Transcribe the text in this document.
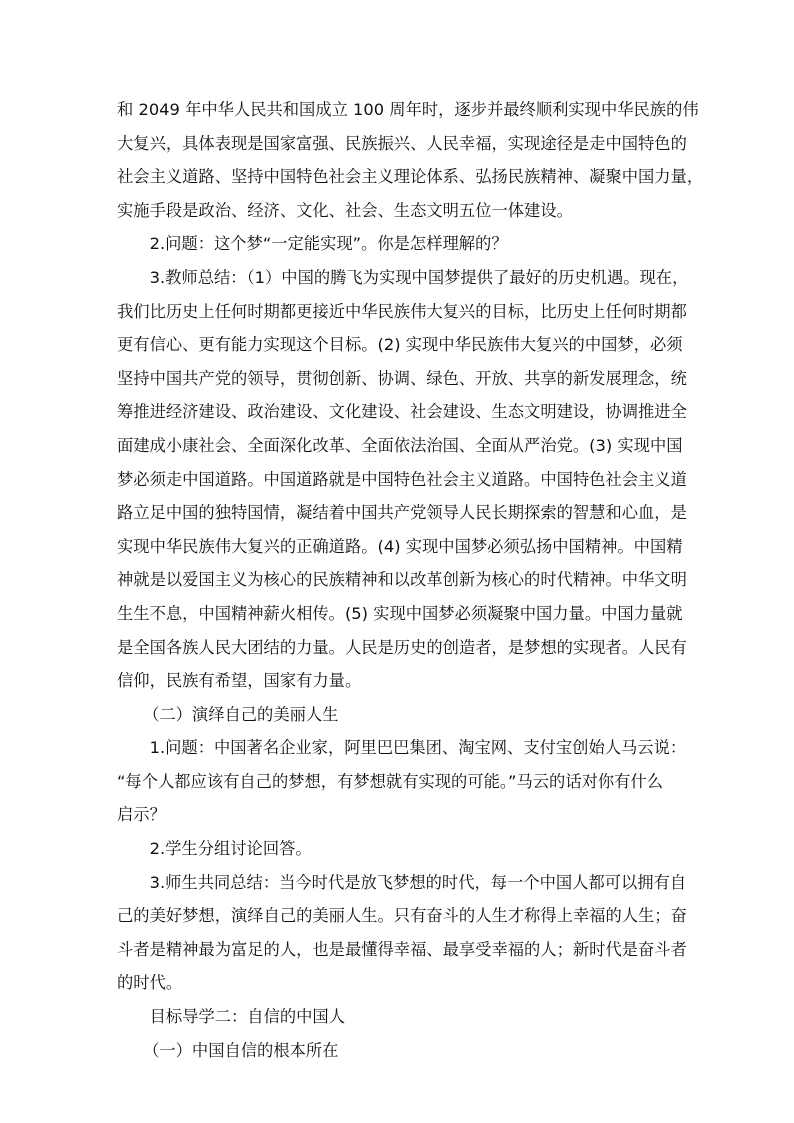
和 2049 年中华人民共和国成立 100 周年时，逐步并最终顺利实现中华民族的伟
大复兴，具体表现是国家富强、民族振兴、人民幸福，实现途径是走中国特色的
社会主义道路、坚持中国特色社会主义理论体系、弘扬民族精神、凝聚中国力量，
实施手段是政治、经济、文化、社会、生态文明五位一体建设。

2.问题：这个梦“一定能实现”。你是怎样理解的？

3.教师总结：（1）中国的腾飞为实现中国梦提供了最好的历史机遇。现在，
我们比历史上任何时期都更接近中华民族伟大复兴的目标，比历史上任何时期都
更有信心、更有能力实现这个目标。(2) 实现中华民族伟大复兴的中国梦，必须
坚持中国共产党的领导，贯彻创新、协调、绿色、开放、共享的新发展理念，统
筹推进经济建设、政治建设、文化建设、社会建设、生态文明建设，协调推进全
面建成小康社会、全面深化改革、全面依法治国、全面从严治党。(3) 实现中国
梦必须走中国道路。中国道路就是中国特色社会主义道路。中国特色社会主义道
路立足中国的独特国情，凝结着中国共产党领导人民长期探索的智慧和心血，是
实现中华民族伟大复兴的正确道路。(4) 实现中国梦必须弘扬中国精神。中国精
神就是以爱国主义为核心的民族精神和以改革创新为核心的时代精神。中华文明
生生不息，中国精神薪火相传。(5) 实现中国梦必须凝聚中国力量。中国力量就
是全国各族人民大团结的力量。人民是历史的创造者，是梦想的实现者。人民有
信仰，民族有希望，国家有力量。

（二）演绎自己的美丽人生

1.问题：中国著名企业家，阿里巴巴集团、淘宝网、支付宝创始人马云说：
“每个人都应该有自己的梦想，有梦想就有实现的可能。”马云的话对你有什么
启示？

2.学生分组讨论回答。

3.师生共同总结：当今时代是放飞梦想的时代，每一个中国人都可以拥有自
己的美好梦想，演绎自己的美丽人生。只有奋斗的人生才称得上幸福的人生；奋
斗者是精神最为富足的人，也是最懂得幸福、最享受幸福的人；新时代是奋斗者
的时代。

目标导学二：自信的中国人

（一）中国自信的根本所在
